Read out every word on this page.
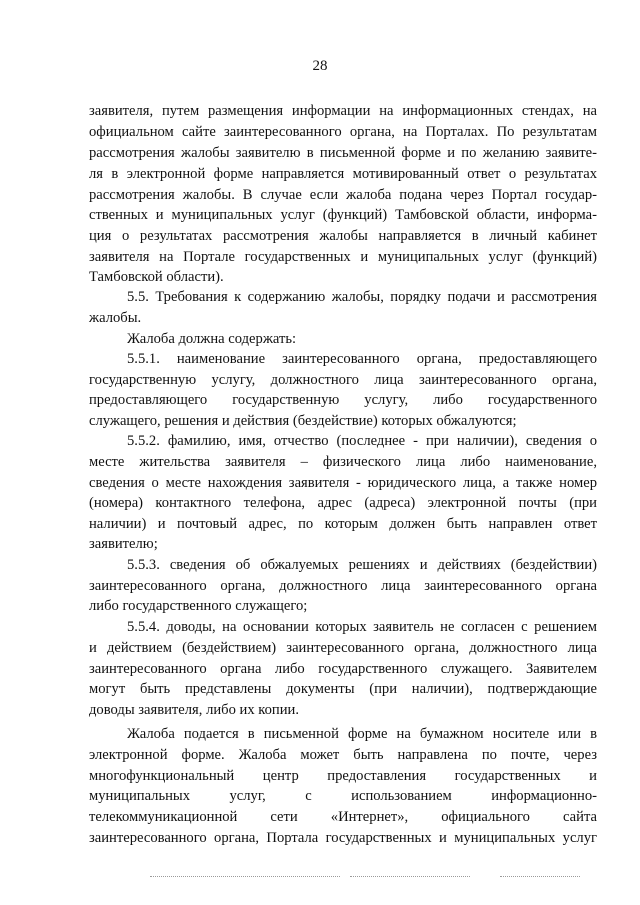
28
заявителя, путем размещения информации на информационных стендах, на
официальном сайте заинтересованного органа, на Порталах. По результатам
рассмотрения жалобы заявителю в письменной форме и по желанию заявите-
ля в электронной форме направляется мотивированный ответ о результатах
рассмотрения жалобы. В случае если жалоба подана через Портал государ-
ственных и муниципальных услуг (функций) Тамбовской области, информа-
ция о результатах рассмотрения жалобы направляется в личный кабинет
заявителя на Портале государственных и муниципальных услуг (функций)
Тамбовской области).
5.5. Требования к содержанию жалобы, порядку подачи и рассмотрения
жалобы.
Жалоба должна содержать:
5.5.1. наименование заинтересованного органа, предоставляющего
государственную услугу, должностного лица заинтересованного органа,
предоставляющего государственную услугу, либо государственного
служащего, решения и действия (бездействие) которых обжалуются;
5.5.2. фамилию, имя, отчество (последнее - при наличии), сведения о
месте жительства заявителя – физического лица либо наименование,
сведения о месте нахождения заявителя - юридического лица, а также номер
(номера) контактного телефона, адрес (адреса) электронной почты (при
наличии) и почтовый адрес, по которым должен быть направлен ответ
заявителю;
5.5.3. сведения об обжалуемых решениях и действиях (бездействии)
заинтересованного органа, должностного лица заинтересованного органа
либо государственного служащего;
5.5.4. доводы, на основании которых заявитель не согласен с решением
и действием (бездействием) заинтересованного органа, должностного лица
заинтересованного органа либо государственного служащего. Заявителем
могут быть представлены документы (при наличии), подтверждающие
доводы заявителя, либо их копии.
Жалоба подается в письменной форме на бумажном носителе или в
электронной форме. Жалоба может быть направлена по почте, через
многофункциональный центр предоставления государственных и
муниципальных услуг, с использованием информационно-
телекоммуникационной сети «Интернет», официального сайта
заинтересованного органа, Портала государственных и муниципальных услуг
